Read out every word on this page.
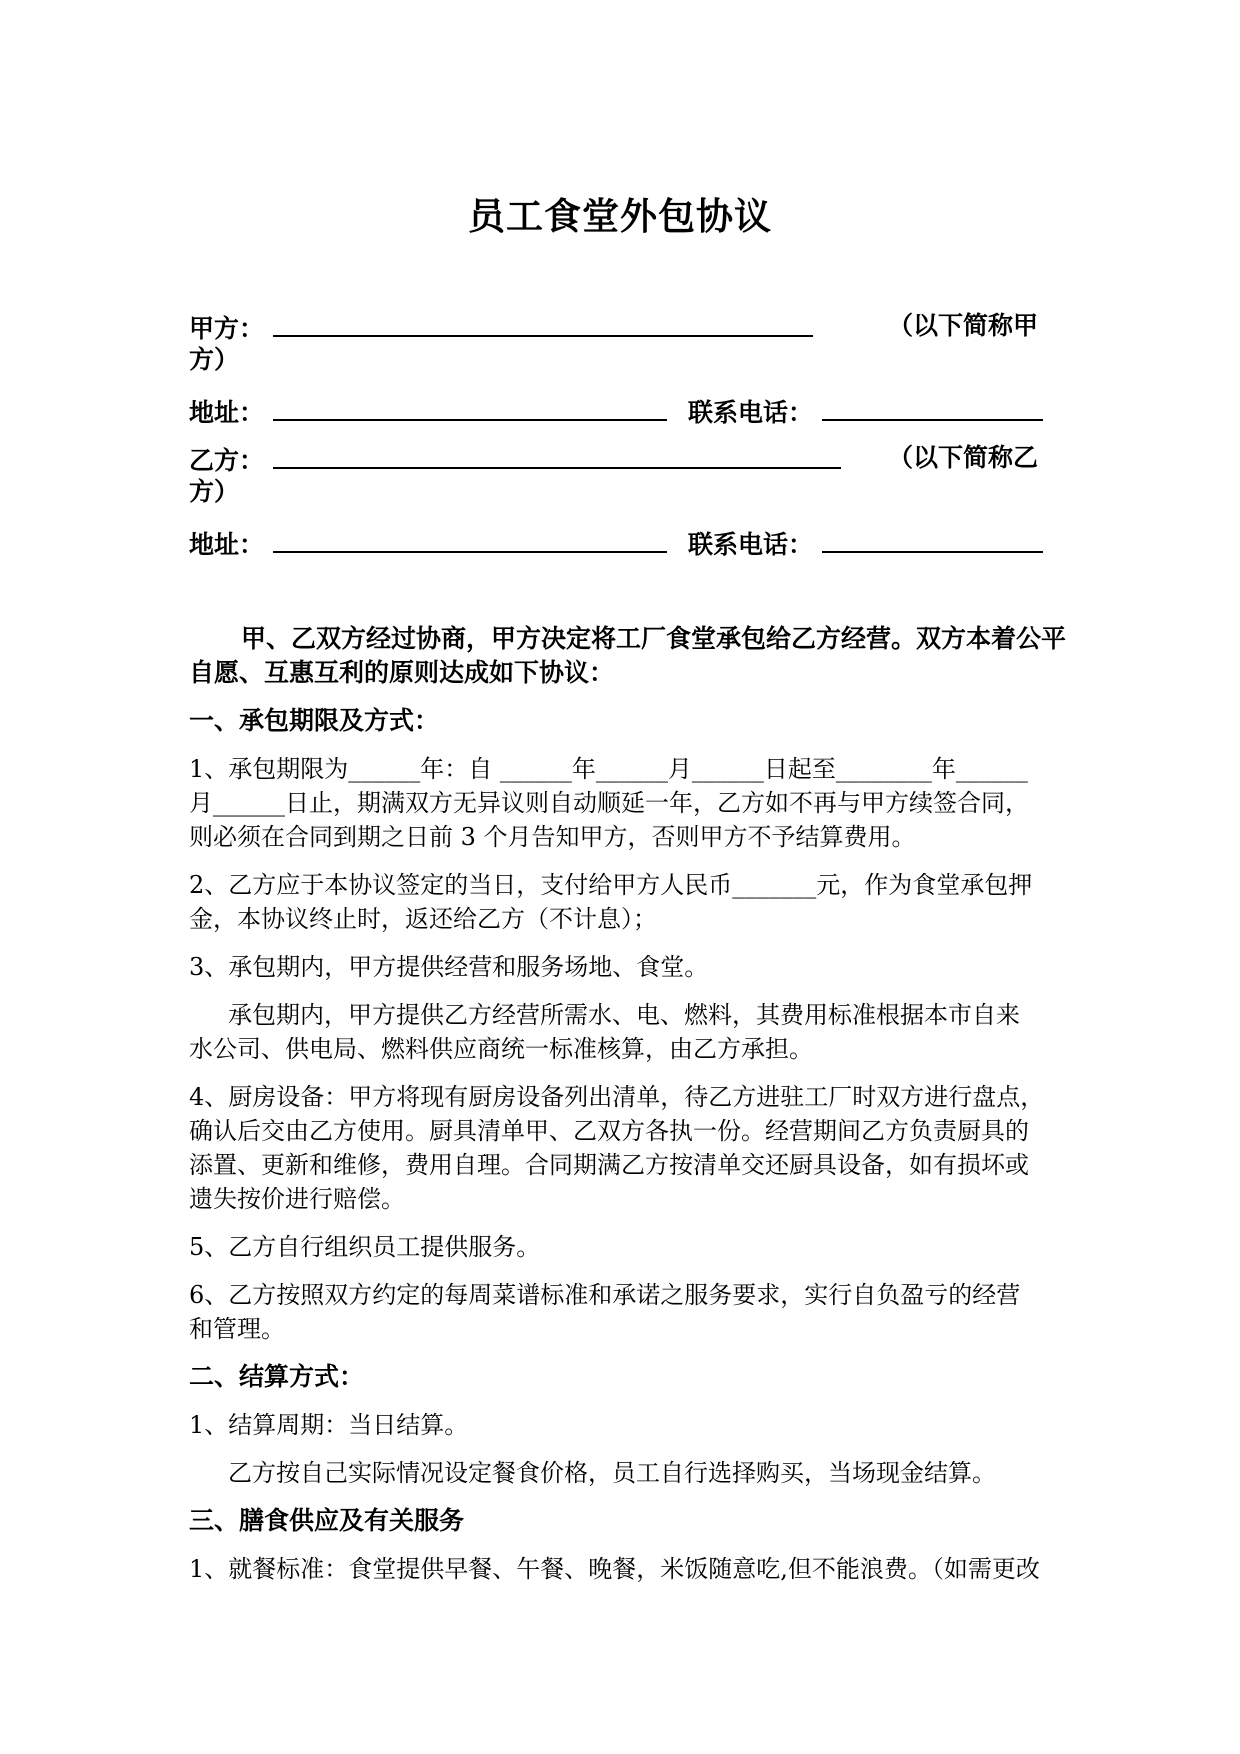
员工食堂外包协议
甲方：	（以下简称甲
方）
地址：	联系电话：
乙方：	（以下简称乙
方）
地址：	联系电话：
甲、乙双方经过协商，甲方决定将工厂食堂承包给乙方经营。双方本着公平
自愿、互惠互利的原则达成如下协议：
一、承包期限及方式：
1、承包期限为______年：自 ______年______月______日起至________年______
月______日止，期满双方无异议则自动顺延一年，乙方如不再与甲方续签合同，
则必须在合同到期之日前 3 个月告知甲方，否则甲方不予结算费用。
2、乙方应于本协议签定的当日，支付给甲方人民币_______元，作为食堂承包押
金，本协议终止时，返还给乙方（不计息）；
3、承包期内，甲方提供经营和服务场地、食堂。
承包期内，甲方提供乙方经营所需水、电、燃料，其费用标准根据本市自来
水公司、供电局、燃料供应商统一标准核算，由乙方承担。
4、厨房设备：甲方将现有厨房设备列出清单，待乙方进驻工厂时双方进行盘点，
确认后交由乙方使用。厨具清单甲、乙双方各执一份。经营期间乙方负责厨具的
添置、更新和维修，费用自理。合同期满乙方按清单交还厨具设备，如有损坏或
遗失按价进行赔偿。
5、乙方自行组织员工提供服务。
6、乙方按照双方约定的每周菜谱标准和承诺之服务要求，实行自负盈亏的经营
和管理。
二、结算方式：
1、结算周期：当日结算。
乙方按自己实际情况设定餐食价格，员工自行选择购买，当场现金结算。
三、膳食供应及有关服务
1、就餐标准：食堂提供早餐、午餐、晚餐，米饭随意吃,但不能浪费。（如需更改
